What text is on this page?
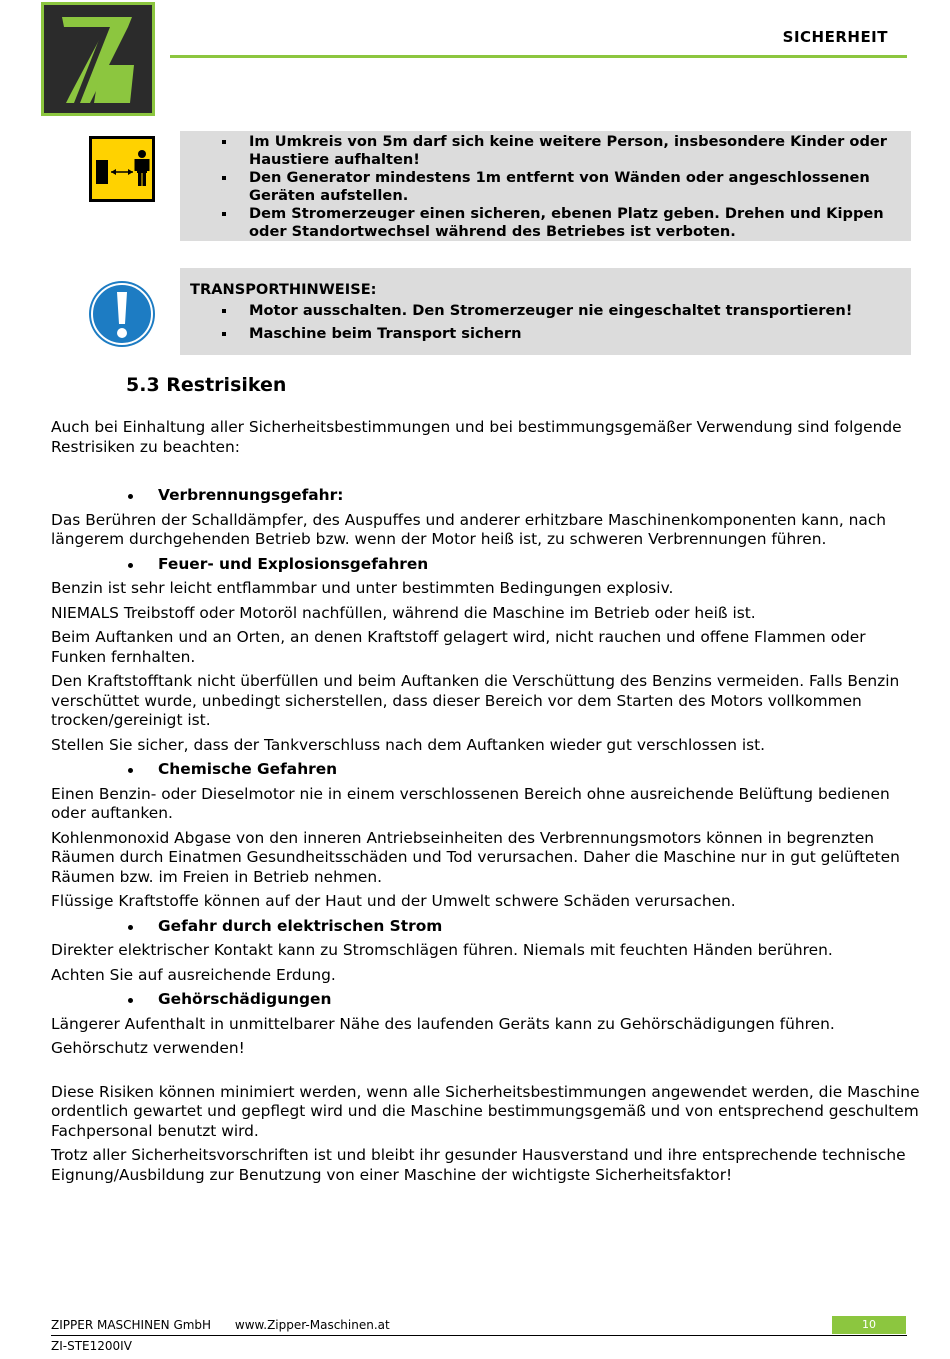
SICHERHEIT
Im Umkreis von 5m darf sich keine weitere Person, insbesondere Kinder oder Haustiere aufhalten!
Den Generator mindestens 1m entfernt von Wänden oder angeschlossenen Geräten aufstellen.
Dem Stromerzeuger einen sicheren, ebenen Platz geben. Drehen und Kippen oder Standortwechsel während des Betriebes ist verboten.
TRANSPORTHINWEISE:
Motor ausschalten. Den Stromerzeuger nie eingeschaltet transportieren!
Maschine beim Transport sichern
5.3 Restrisiken

Auch bei Einhaltung aller Sicherheitsbestimmungen und bei bestimmungsgemäßer Verwendung sind folgende Restrisiken zu beachten:

Verbrennungsgefahr:

Das Berühren der Schalldämpfer, des Auspuffes und anderer erhitzbare Maschinenkomponenten kann, nach längerem durchgehenden Betrieb bzw. wenn der Motor heiß ist, zu schweren Verbrennungen führen.

Feuer- und Explosionsgefahren

Benzin ist sehr leicht entflammbar und unter bestimmten Bedingungen explosiv.

NIEMALS Treibstoff oder Motoröl nachfüllen, während die Maschine im Betrieb oder heiß ist.

Beim Auftanken und an Orten, an denen Kraftstoff gelagert wird, nicht rauchen und offene Flammen oder Funken fernhalten.

Den Kraftstofftank nicht überfüllen und beim Auftanken die Verschüttung des Benzins vermeiden. Falls Benzin verschüttet wurde, unbedingt sicherstellen, dass dieser Bereich vor dem Starten des Motors vollkommen trocken/gereinigt ist.

Stellen Sie sicher, dass der Tankverschluss nach dem Auftanken wieder gut verschlossen ist.

Chemische Gefahren

Einen Benzin- oder Dieselmotor nie in einem verschlossenen Bereich ohne ausreichende Belüftung bedienen oder auftanken.

Kohlenmonoxid Abgase von den inneren Antriebseinheiten des Verbrennungsmotors können in begrenzten Räumen durch Einatmen Gesundheitsschäden und Tod verursachen. Daher die Maschine nur in gut gelüfteten Räumen bzw. im Freien in Betrieb nehmen.

Flüssige Kraftstoffe können auf der Haut und der Umwelt schwere Schäden verursachen.

Gefahr durch elektrischen Strom

Direkter elektrischer Kontakt kann zu Stromschlägen führen. Niemals mit feuchten Händen berühren.

Achten Sie auf ausreichende Erdung.

Gehörschädigungen

Längerer Aufenthalt in unmittelbarer Nähe des laufenden Geräts kann zu Gehörschädigungen führen.

Gehörschutz verwenden!

Diese Risiken können minimiert werden, wenn alle Sicherheitsbestimmungen angewendet werden, die Maschine ordentlich gewartet und gepflegt wird und die Maschine bestimmungsgemäß und von entsprechend geschultem Fachpersonal benutzt wird.

Trotz aller Sicherheitsvorschriften ist und bleibt ihr gesunder Hausverstand und ihre entsprechende technische Eignung/Ausbildung zur Benutzung von einer Maschine der wichtigste Sicherheitsfaktor!

ZIPPER MASCHINEN GmbH www.Zipper-Maschinen.at	10
ZI-STE1200IV
